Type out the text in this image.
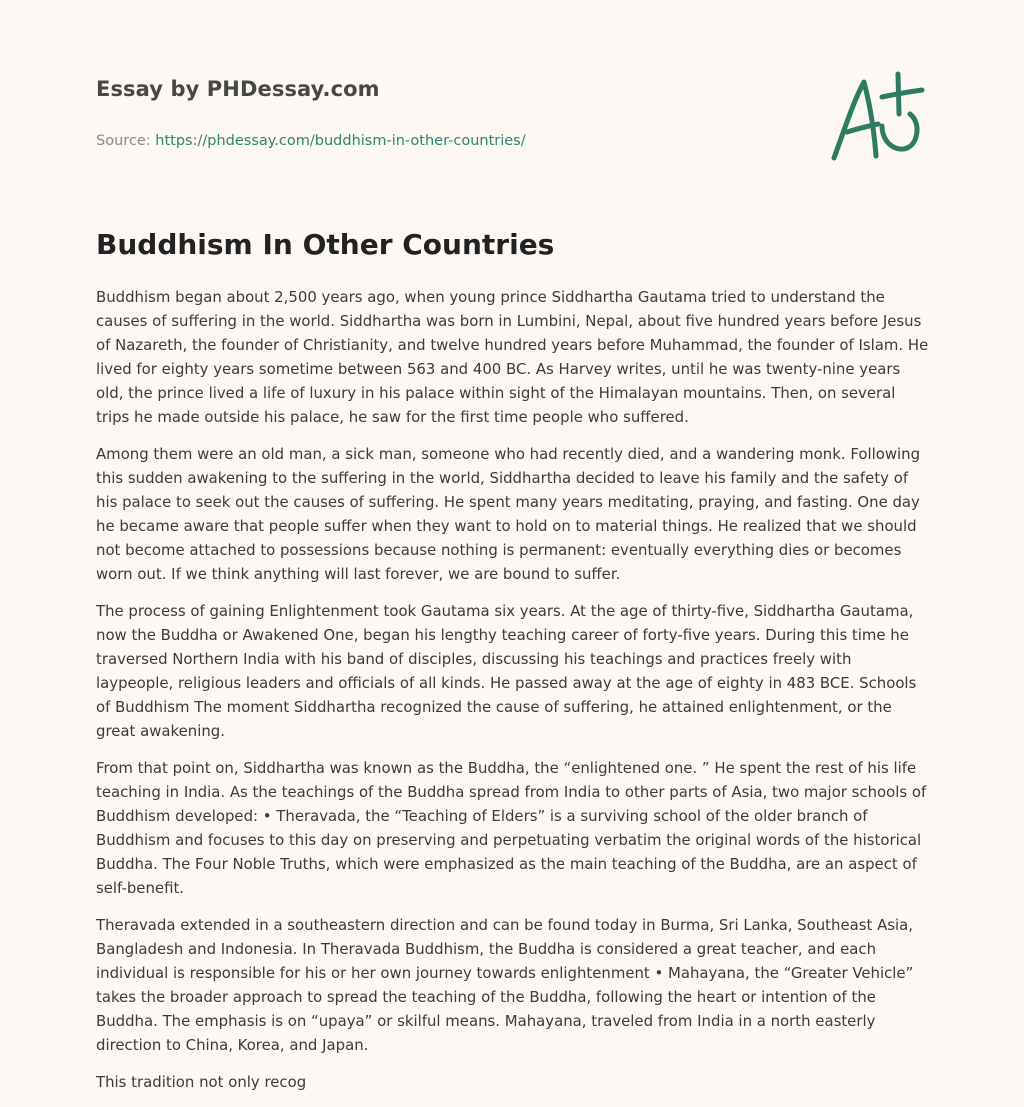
Essay by PHDessay.com
Source: https://phdessay.com/buddhism-in-other-countries/
Buddhism In Other Countries

Buddhism began about 2,500 years ago, when young prince Siddhartha Gautama tried to understand the causes of suffering in the world. Siddhartha was born in Lumbini, Nepal, about five hundred years before Jesus of Nazareth, the founder of Christianity, and twelve hundred years before Muhammad, the founder of Islam. He lived for eighty years sometime between 563 and 400 BC. As Harvey writes, until he was twenty-nine years old, the prince lived a life of luxury in his palace within sight of the Himalayan mountains. Then, on several trips he made outside his palace, he saw for the first time people who suffered.

Among them were an old man, a sick man, someone who had recently died, and a wandering monk. Following this sudden awakening to the suffering in the world, Siddhartha decided to leave his family and the safety of his palace to seek out the causes of suffering. He spent many years meditating, praying, and fasting. One day he became aware that people suffer when they want to hold on to material things. He realized that we should not become attached to possessions because nothing is permanent: eventually everything dies or becomes worn out. If we think anything will last forever, we are bound to suffer.

The process of gaining Enlightenment took Gautama six years. At the age of thirty-five, Siddhartha Gautama, now the Buddha or Awakened One, began his lengthy teaching career of forty-five years. During this time he traversed Northern India with his band of disciples, discussing his teachings and practices freely with laypeople, religious leaders and officials of all kinds. He passed away at the age of eighty in 483 BCE. Schools of Buddhism The moment Siddhartha recognized the cause of suffering, he attained enlightenment, or the great awakening.

From that point on, Siddhartha was known as the Buddha, the “enlightened one. ” He spent the rest of his life teaching in India. As the teachings of the Buddha spread from India to other parts of Asia, two major schools of Buddhism developed: • Theravada, the “Teaching of Elders” is a surviving school of the older branch of Buddhism and focuses to this day on preserving and perpetuating verbatim the original words of the historical Buddha. The Four Noble Truths, which were emphasized as the main teaching of the Buddha, are an aspect of self-benefit.

Theravada extended in a southeastern direction and can be found today in Burma, Sri Lanka, Southeast Asia, Bangladesh and Indonesia. In Theravada Buddhism, the Buddha is considered a great teacher, and each individual is responsible for his or her own journey towards enlightenment • Mahayana, the “Greater Vehicle” takes the broader approach to spread the teaching of the Buddha, following the heart or intention of the Buddha. The emphasis is on “upaya” or skilful means. Mahayana, traveled from India in a north easterly direction to China, Korea, and Japan.

This tradition not only recog
